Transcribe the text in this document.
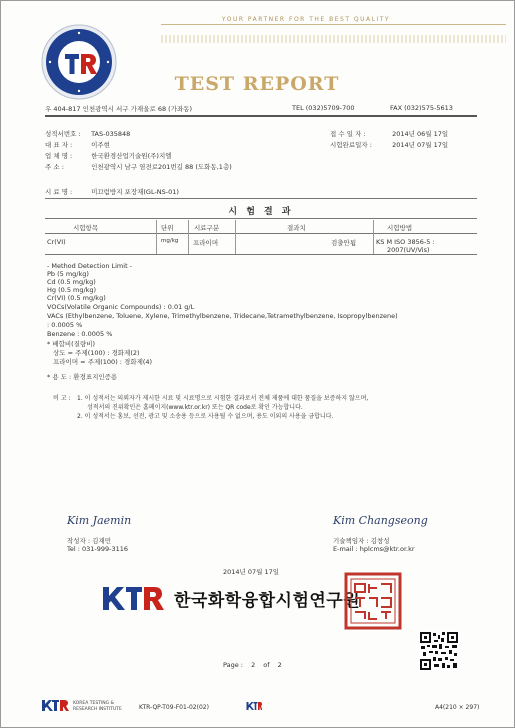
YOUR PARTNER FOR THE BEST QUALITY
TEST REPORT
우 404-817 인천광역시 서구 가재울로 68 (가좌동)	TEL (032)5709-700	FAX (032)575-5613
성적서번호 : TAS-035848
대 표 자 :	이주현
업 체 명 :	한국환경산업기술원(주)지엘
주 소 :	인천광역시 남구 염전로201번길 88 (도화동,1층)
접 수 일 자 :	2014년 06월 17일
시험완료일자 :	2014년 07월 17일
시 료 명 :	미끄럼방지 포장재(GL-NS-01)
시 험 결 과
시험항목	단위	시료구분	결과치	시험방법
Cr(VI)	mg/kg 프라이머	검출안됨	KS M ISO 3856-5 :
2007(UV/Vis)
- Method Detection Limit -
Pb (5 mg/kg)
Cd (0.5 mg/kg)
Hg (0.5 mg/kg)
Cr(VI) (0.5 mg/kg)
VOCs(Volatile Organic Compounds) : 0.01 g/L
VACs (Ethylbenzene, Toluene, Xylene, Trimethylbenzene, Tridecane,Tetramethylbenzene, Isopropylbenzene)
: 0.0005 %
Benzene : 0.0005 %
* 배합비(질량비)
상도 = 주제(100) : 경화제(2)
프라이머 = 주제(100) : 경화제(4)
* 용 도 : 환경표지인증용
비 고 : 1. 이 성적서는 의뢰자가 제시한 시료 및 시료명으로 시험한 결과로서 전체 제품에 대한 품질을 보증하지 않으며,
성적서의 진위확인은 홈페이지(www.ktr.or.kr) 또는 QR code로 확인 가능합니다.
2. 이 성적서는 홍보, 선전, 광고 및 소송용 등으로 사용될 수 없으며, 용도 이외의 사용을 금합니다.
Kim Jaemin
작성자 : 김재민
Tel : 031-999-3116
Kim Changseong
기술책임자 : 김창성
E-mail : hplcms@ktr.or.kr
2014년 07월 17일
한국화학융합시험연구원
Page : 2 of 2
KOREA TESTING &
RESEARCH INSTITUTE	KTR-QP-T09-F01-02(02)	A4(210 × 297)
